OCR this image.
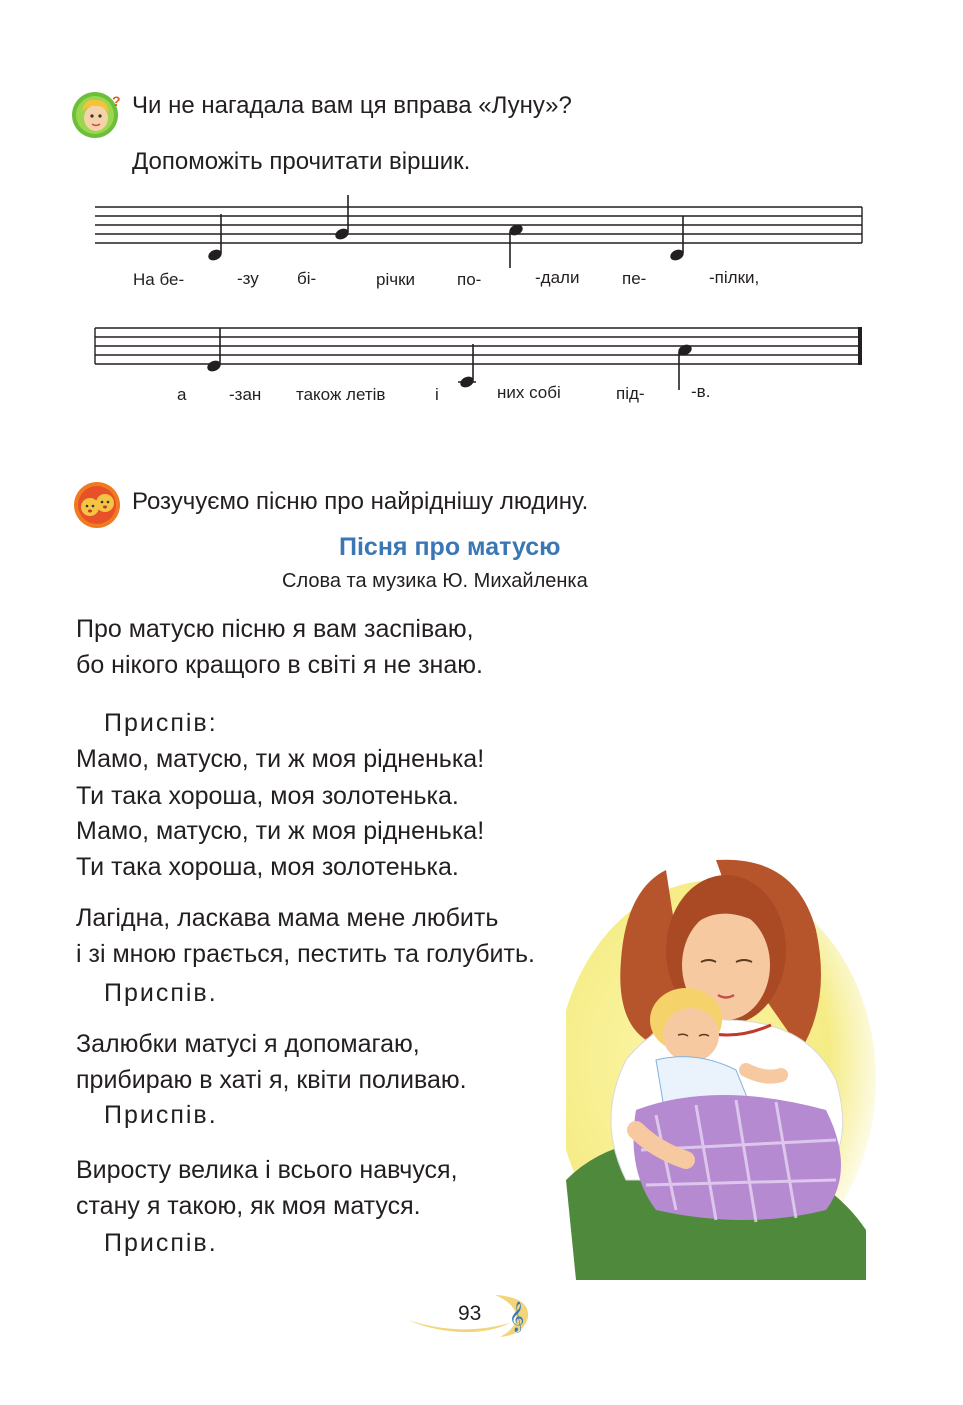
? Чи не нагадала вам ця вправа «Луну»?
Допоможіть прочитати віршик.
На бе-	-зу бі-	річки по-	-дали	пе-	-пілки,
а	-зан також летів	і	них собі	під-	-в.
Розучуємо пісню про найріднішу людину.
Пісня про матусю
Слова та музика Ю. Михайленка
Про матусю пісню я вам заспіваю,
бо нікого кращого в світі я не знаю.
Приспів:
Мамо, матусю, ти ж моя рідненька!
Ти така хороша, моя золотенька.
Мамо, матусю, ти ж моя рідненька!
Ти така хороша, моя золотенька.
Лагідна, ласкава мама мене любить
і зі мною грається, пестить та голубить.
Приспів.
Залюбки матусі я допомагаю,
прибираю в хаті я, квіти поливаю.
Приспів.
Виросту велика і всього навчуся,
стану я такою, як моя матуся.
Приспів.
𝄞
93
